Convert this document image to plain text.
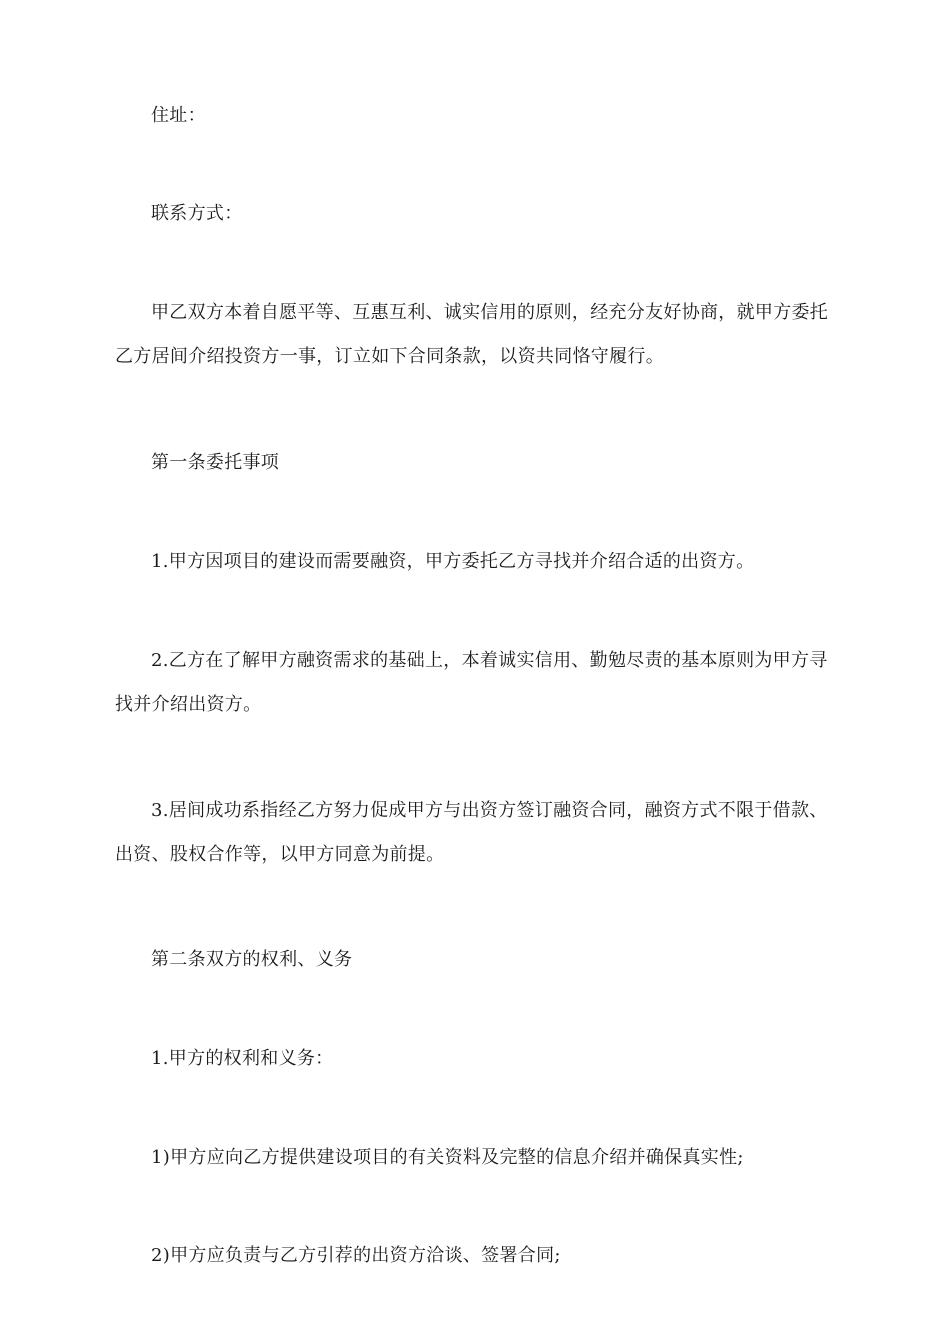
住址：

联系方式：

甲乙双方本着自愿平等、互惠互利、诚实信用的原则，经充分友好协商，就甲方委托乙方居间介绍投资方一事，订立如下合同条款，以资共同恪守履行。

第一条委托事项

1.甲方因项目的建设而需要融资，甲方委托乙方寻找并介绍合适的出资方。

2.乙方在了解甲方融资需求的基础上，本着诚实信用、勤勉尽责的基本原则为甲方寻找并介绍出资方。

3.居间成功系指经乙方努力促成甲方与出资方签订融资合同，融资方式不限于借款、出资、股权合作等，以甲方同意为前提。

第二条双方的权利、义务

1.甲方的权利和义务：

1)甲方应向乙方提供建设项目的有关资料及完整的信息介绍并确保真实性;

2)甲方应负责与乙方引荐的出资方洽谈、签署合同;
